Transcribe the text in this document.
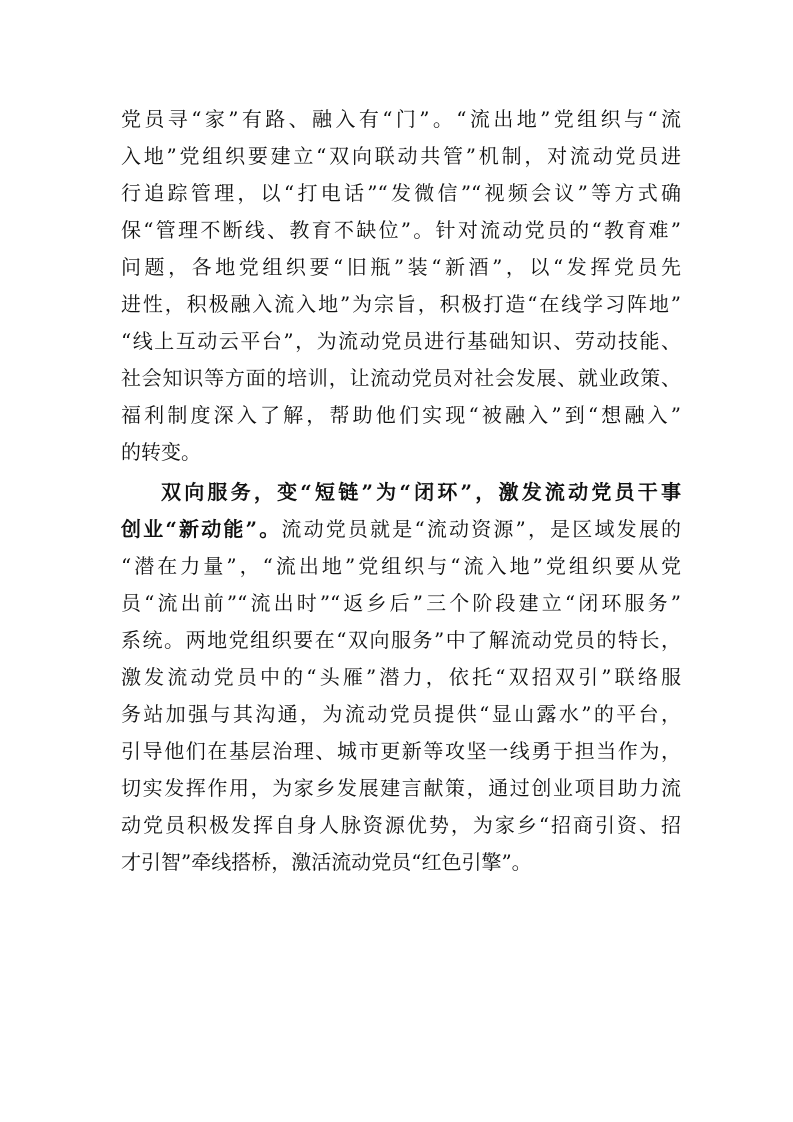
党员寻“家”有路、融入有“门”。“流出地”党组织与“流
入地”党组织要建立“双向联动共管”机制，对流动党员进
行追踪管理，以“打电话”“发微信”“视频会议”等方式确
保“管理不断线、教育不缺位”。针对流动党员的“教育难”
问题，各地党组织要“旧瓶”装“新酒”，以“发挥党员先
进性，积极融入流入地”为宗旨，积极打造“在线学习阵地”
“线上互动云平台”，为流动党员进行基础知识、劳动技能、
社会知识等方面的培训，让流动党员对社会发展、就业政策、
福利制度深入了解，帮助他们实现“被融入”到“想融入”
的转变。
双向服务，变“短链”为“闭环”，激发流动党员干事
创业“新动能”。流动党员就是“流动资源”，是区域发展的
“潜在力量”，“流出地”党组织与“流入地”党组织要从党
员“流出前”“流出时”“返乡后”三个阶段建立“闭环服务”
系统。两地党组织要在“双向服务”中了解流动党员的特长，
激发流动党员中的“头雁”潜力，依托“双招双引”联络服
务站加强与其沟通，为流动党员提供“显山露水”的平台，
引导他们在基层治理、城市更新等攻坚一线勇于担当作为，
切实发挥作用，为家乡发展建言献策，通过创业项目助力流
动党员积极发挥自身人脉资源优势，为家乡“招商引资、招
才引智”牵线搭桥，激活流动党员“红色引擎”。
